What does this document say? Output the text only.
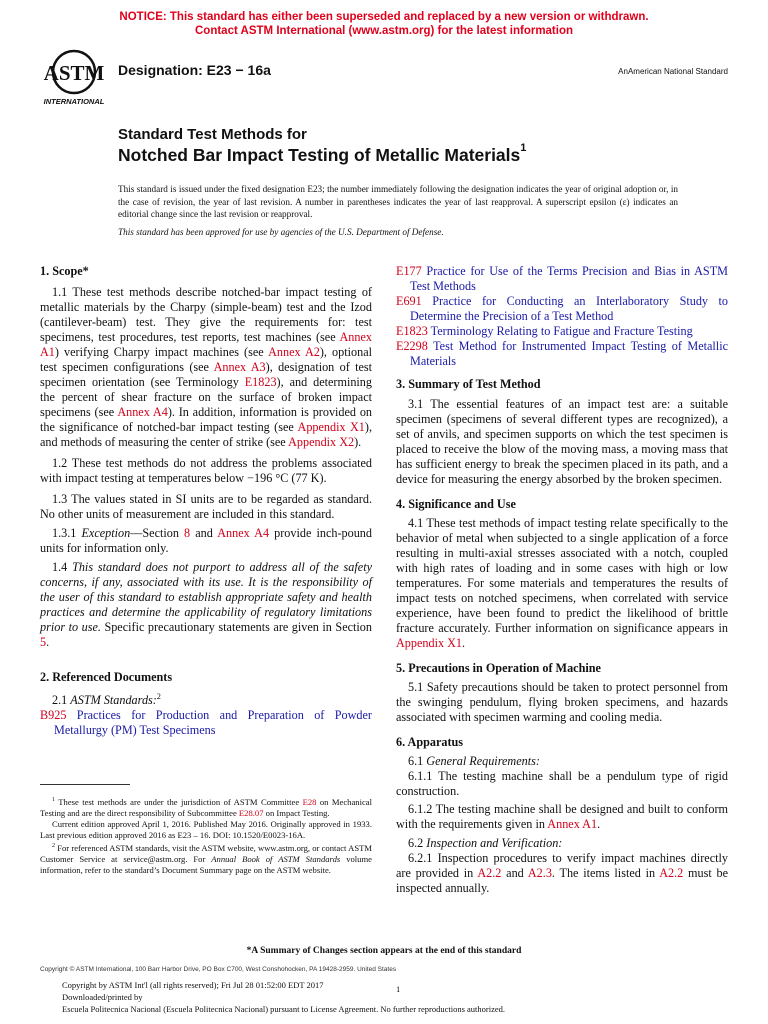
NOTICE: This standard has either been superseded and replaced by a new version or withdrawn.
Contact ASTM International (www.astm.org) for the latest information
ASTM
INTERNATIONAL
Designation: E23 − 16a	AnAmerican National Standard
Standard Test Methods for
Notched Bar Impact Testing of Metallic Materials$^1$
This standard is issued under the fixed designation E23; the number immediately following the designation indicates the year of original adoption or, in the case of revision, the year of last revision. A number in parentheses indicates the year of last reapproval. A superscript epsilon (ε) indicates an editorial change since the last revision or reapproval.
This standard has been approved for use by agencies of the U.S. Department of Defense.

1. Scope*

1.1 These test methods describe notched-bar impact testing of metallic materials by the Charpy (simple-beam) test and the Izod (cantilever-beam) test. They give the requirements for: test specimens, test procedures, test reports, test machines (see Annex A1) verifying Charpy impact machines (see Annex A2), optional test specimen configurations (see Annex A3), designation of test specimen orientation (see Terminology E1823), and determining the percent of shear fracture on the surface of broken impact specimens (see Annex A4). In addition, information is provided on the significance of notched-bar impact testing (see Appendix X1), and methods of measuring the center of strike (see Appendix X2).

1.2 These test methods do not address the problems associated with impact testing at temperatures below −196 °C (77 K).

1.3 The values stated in SI units are to be regarded as standard. No other units of measurement are included in this standard.

1.3.1 Exception—Section 8 and Annex A4 provide inch-pound units for information only.

1.4 This standard does not purport to address all of the safety concerns, if any, associated with its use. It is the responsibility of the user of this standard to establish appropriate safety and health practices and determine the applicability of regulatory limitations prior to use. Specific precautionary statements are given in Section 5.

2. Referenced Documents

2.1 ASTM Standards:$^2$

B925 Practices for Production and Preparation of Powder Metallurgy (PM) Test Specimens

$^1$ These test methods are under the jurisdiction of ASTM Committee E28 on Mechanical Testing and are the direct responsibility of Subcommittee E28.07 on Impact Testing.

Current edition approved April 1, 2016. Published May 2016. Originally approved in 1933. Last previous edition approved 2016 as E23 – 16. DOI: 10.1520/E0023-16A.

$^2$ For referenced ASTM standards, visit the ASTM website, www.astm.org, or contact ASTM Customer Service at service@astm.org. For Annual Book of ASTM Standards volume information, refer to the standard’s Document Summary page on the ASTM website.

E177 Practice for Use of the Terms Precision and Bias in ASTM Test Methods

E691 Practice for Conducting an Interlaboratory Study to Determine the Precision of a Test Method

E1823 Terminology Relating to Fatigue and Fracture Testing

E2298 Test Method for Instrumented Impact Testing of Metallic Materials

3. Summary of Test Method

3.1 The essential features of an impact test are: a suitable specimen (specimens of several different types are recognized), a set of anvils, and specimen supports on which the test specimen is placed to receive the blow of the moving mass, a moving mass that has sufficient energy to break the specimen placed in its path, and a device for measuring the energy absorbed by the broken specimen.

4. Significance and Use

4.1 These test methods of impact testing relate specifically to the behavior of metal when subjected to a single application of a force resulting in multi-axial stresses associated with a notch, coupled with high rates of loading and in some cases with high or low temperatures. For some materials and temperatures the results of impact tests on notched specimens, when correlated with service experience, have been found to predict the likelihood of brittle fracture accurately. Further information on significance appears in Appendix X1.

5. Precautions in Operation of Machine

5.1 Safety precautions should be taken to protect personnel from the swinging pendulum, flying broken specimens, and hazards associated with specimen warming and cooling media.

6. Apparatus

6.1 General Requirements:

6.1.1 The testing machine shall be a pendulum type of rigid construction.

6.1.2 The testing machine shall be designed and built to conform with the requirements given in Annex A1.

6.2 Inspection and Verification:

6.2.1 Inspection procedures to verify impact machines directly are provided in A2.2 and A2.3. The items listed in A2.2 must be inspected annually.

*A Summary of Changes section appears at the end of this standard
Copyright © ASTM International, 100 Barr Harbor Drive, PO Box C700, West Conshohocken, PA 19428-2959. United States
Copyright by ASTM Int'l (all rights reserved); Fri Jul 28 01:52:00 EDT 2017	1
Downloaded/printed by
Escuela Politecnica Nacional (Escuela Politecnica Nacional) pursuant to License Agreement. No further reproductions authorized.
